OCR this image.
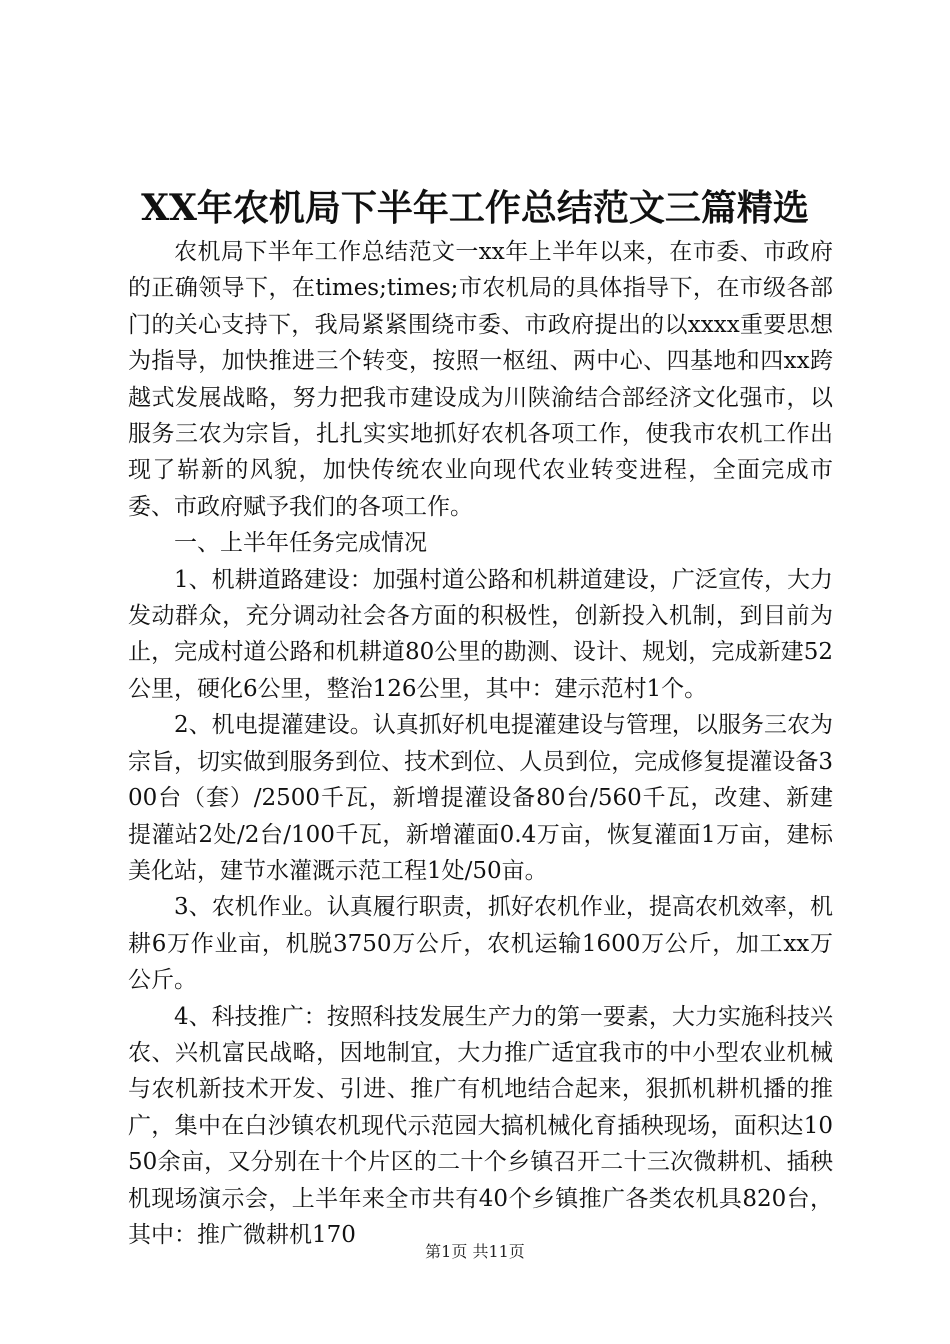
XX年农机局下半年工作总结范文三篇精选

农机局下半年工作总结范文一xx年上半年以来，在市委、市政府的正确领导下，在times;times;市农机局的具体指导下，在市级各部门的关心支持下，我局紧紧围绕市委、市政府提出的以xxxx重要思想为指导，加快推进三个转变，按照一枢纽、两中心、四基地和四xx跨越式发展战略，努力把我市建设成为川陕渝结合部经济文化强市，以服务三农为宗旨，扎扎实实地抓好农机各项工作，使我市农机工作出现了崭新的风貌，加快传统农业向现代农业转变进程，全面完成市委、市政府赋予我们的各项工作。

一、上半年任务完成情况

1、机耕道路建设：加强村道公路和机耕道建设，广泛宣传，大力发动群众，充分调动社会各方面的积极性，创新投入机制，到目前为止，完成村道公路和机耕道80公里的勘测、设计、规划，完成新建52公里，硬化6公里，整治126公里，其中：建示范村1个。

2、机电提灌建设。认真抓好机电提灌建设与管理，以服务三农为宗旨，切实做到服务到位、技术到位、人员到位，完成修复提灌设备300台（套）/2500千瓦，新增提灌设备80台/560千瓦，改建、新建提灌站2处/2台/100千瓦，新增灌面0.4万亩，恢复灌面1万亩，建标美化站，建节水灌溉示范工程1处/50亩。

3、农机作业。认真履行职责，抓好农机作业，提高农机效率，机耕6万作业亩，机脱3750万公斤，农机运输1600万公斤，加工xx万公斤。

4、科技推广：按照科技发展生产力的第一要素，大力实施科技兴农、兴机富民战略，因地制宜，大力推广适宜我市的中小型农业机械与农机新技术开发、引进、推广有机地结合起来，狠抓机耕机播的推广，集中在白沙镇农机现代示范园大搞机械化育插秧现场，面积达1050余亩，又分别在十个片区的二十个乡镇召开二十三次微耕机、插秧机现场演示会，上半年来全市共有40个乡镇推广各类农机具820台，其中：推广微耕机170

第1页 共11页
